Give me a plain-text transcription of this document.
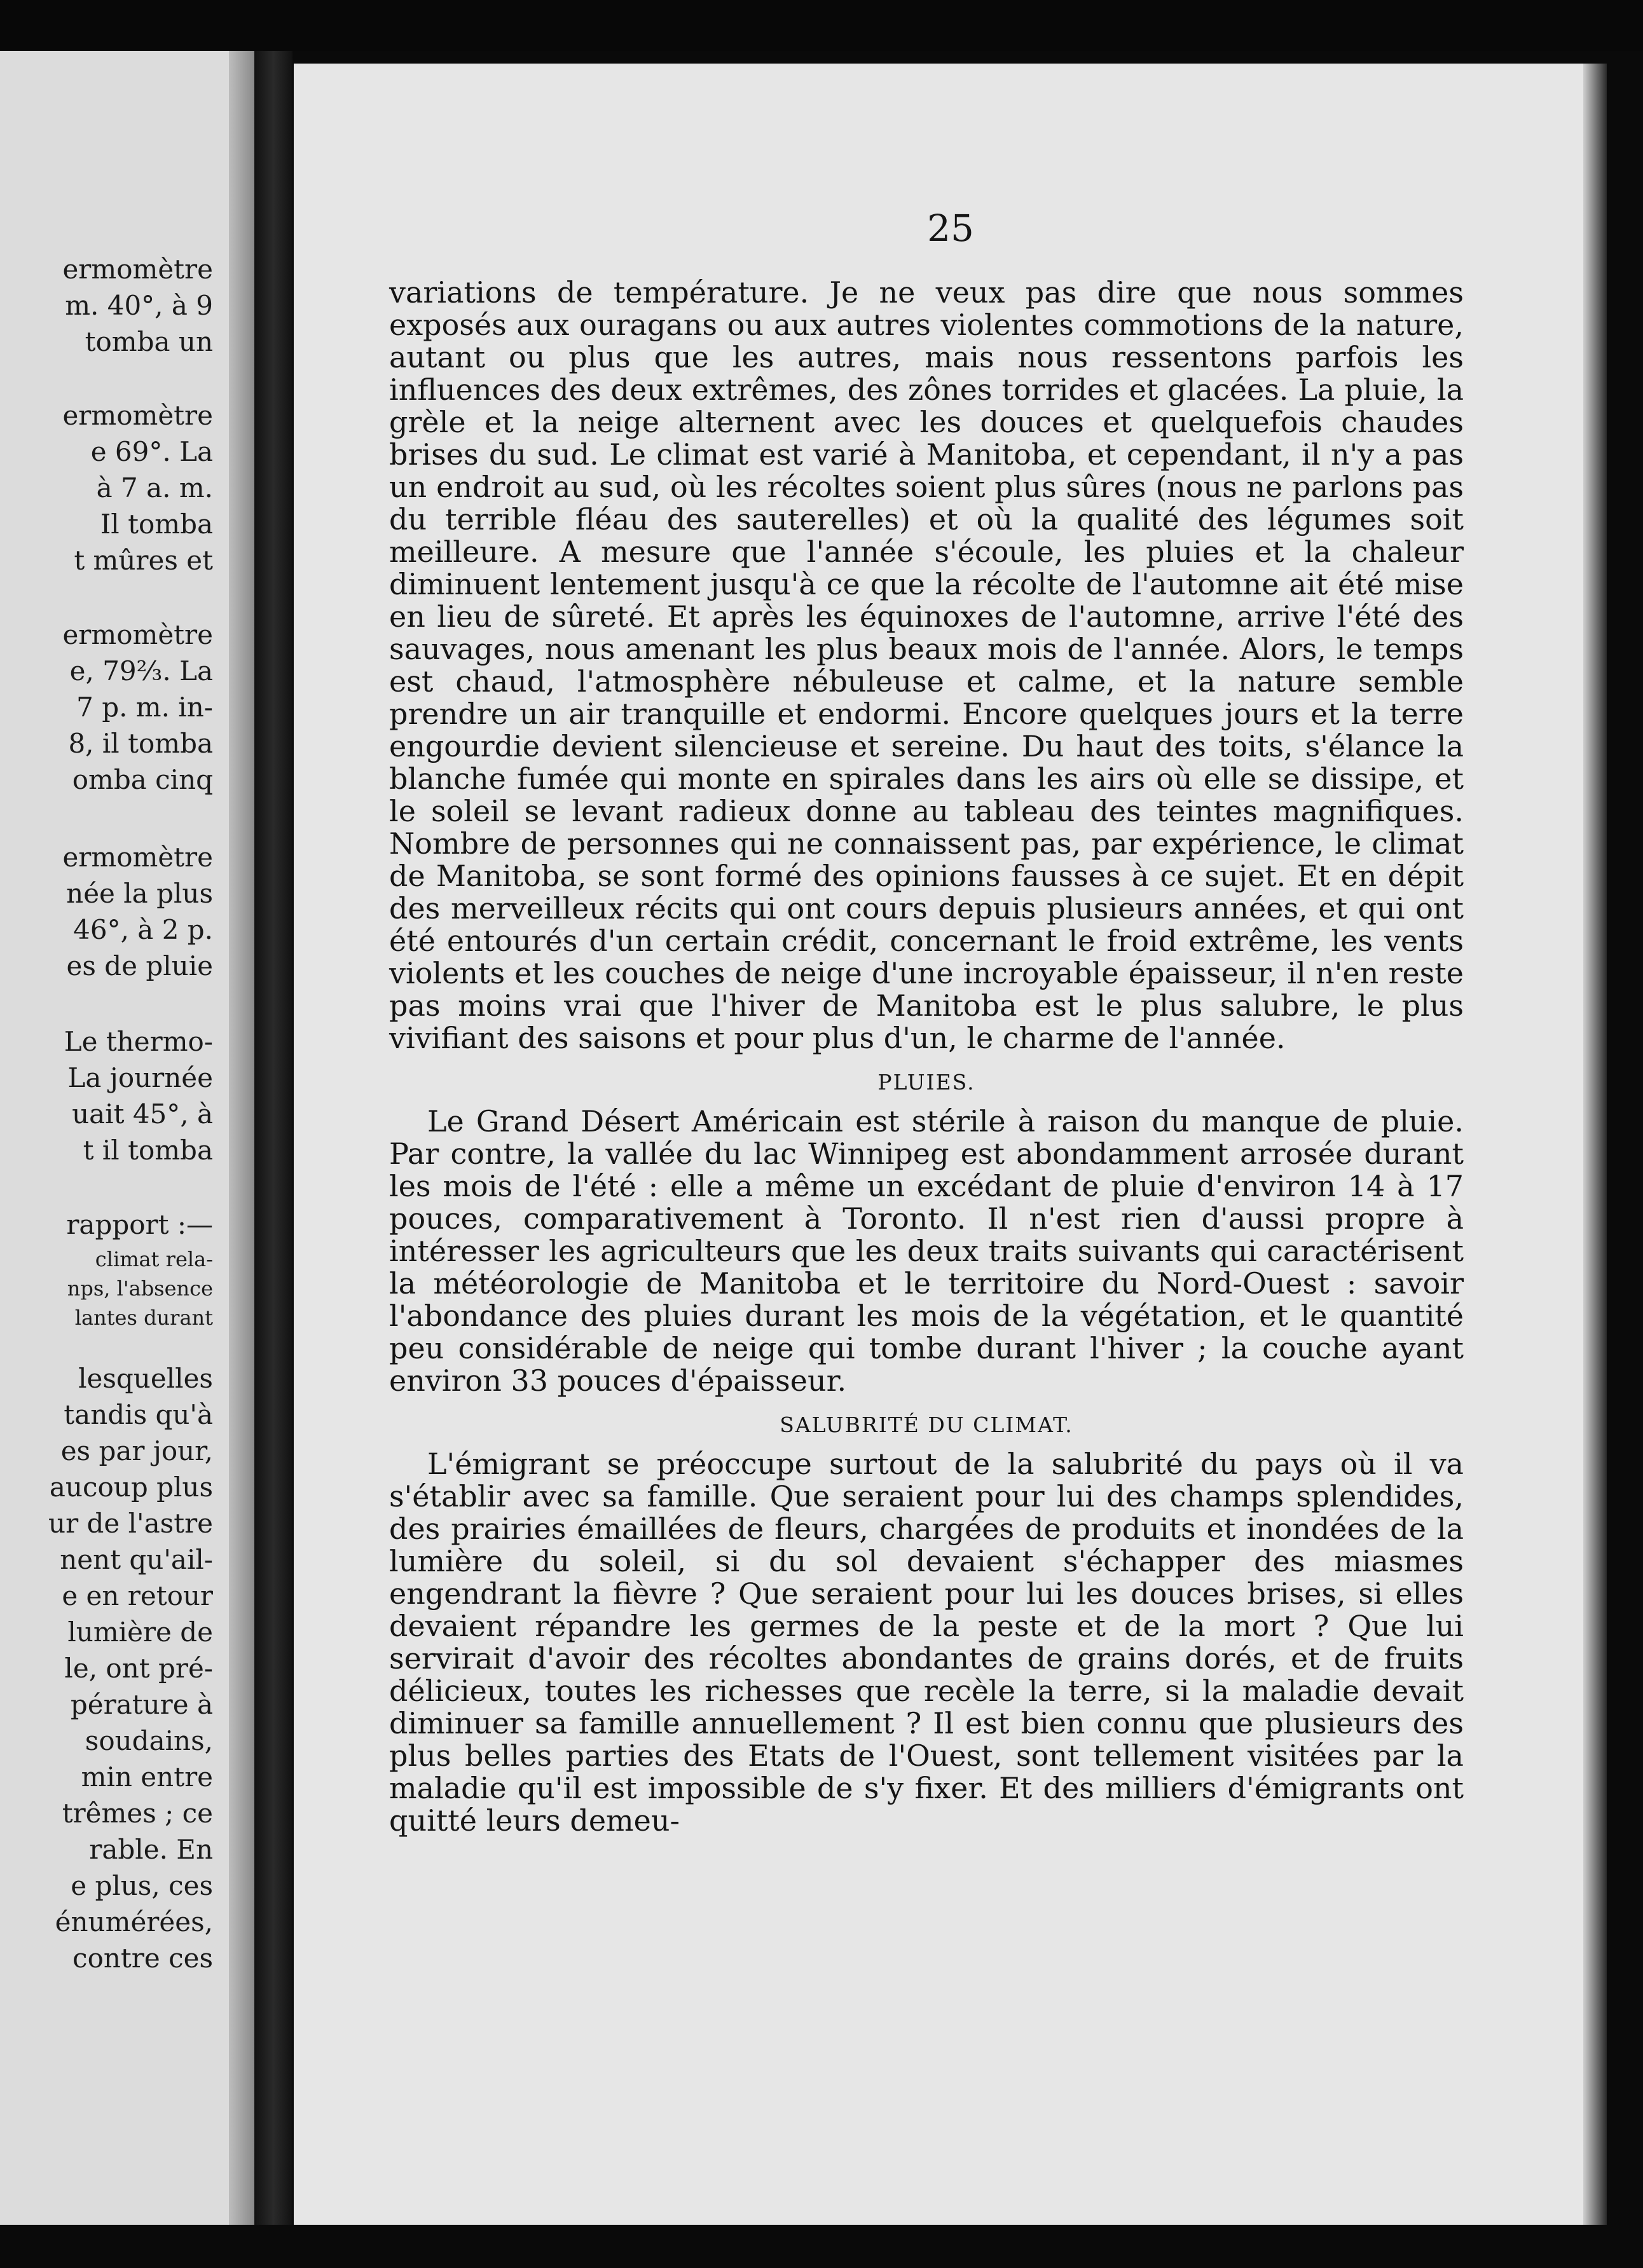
ermomètre

m. 40°, à 9

tomba un

ermomètre

e 69°. La

à 7 a. m.

Il tomba

t mûres et

ermomètre

e, 79⅔. La

7 p. m. in-

8, il tomba

omba cinq

ermomètre

née la plus

46°, à 2 p.

es de pluie

Le thermo-

La journée

uait 45°, à

t il tomba

rapport :—

climat rela-

nps, l'absence

lantes durant

lesquelles

tandis qu'à

es par jour,

aucoup plus

ur de l'astre

nent qu'ail-

e en retour

lumière de

le, ont pré-

pérature à

soudains,

min entre

trêmes ; ce

rable. En

e plus, ces

énumérées,

contre ces

25

variations de température. Je ne veux pas dire que nous sommes exposés aux ouragans ou aux autres violentes commotions de la nature, autant ou plus que les autres, mais nous ressentons parfois les influences des deux extrêmes, des zônes torrides et glacées. La pluie, la grèle et la neige alternent avec les douces et quelquefois chaudes brises du sud. Le climat est varié à Manitoba, et cependant, il n'y a pas un endroit au sud, où les récoltes soient plus sûres (nous ne parlons pas du terrible fléau des sauterelles) et où la qualité des légumes soit meilleure. A mesure que l'année s'écoule, les pluies et la chaleur diminuent lentement jusqu'à ce que la récolte de l'automne ait été mise en lieu de sûreté. Et après les équinoxes de l'automne, arrive l'été des sauvages, nous amenant les plus beaux mois de l'année. Alors, le temps est chaud, l'atmosphère nébuleuse et calme, et la nature semble prendre un air tranquille et endormi. Encore quelques jours et la terre engourdie devient silencieuse et sereine. Du haut des toits, s'élance la blanche fumée qui monte en spirales dans les airs où elle se dissipe, et le soleil se levant radieux donne au tableau des teintes magnifiques. Nombre de personnes qui ne connaissent pas, par expérience, le climat de Manitoba, se sont formé des opinions fausses à ce sujet. Et en dépit des merveilleux récits qui ont cours depuis plusieurs années, et qui ont été entourés d'un certain crédit, concernant le froid extrême, les vents violents et les couches de neige d'une incroyable épaisseur, il n'en reste pas moins vrai que l'hiver de Manitoba est le plus salubre, le plus vivifiant des saisons et pour plus d'un, le charme de l'année.

PLUIES.

Le Grand Désert Américain est stérile à raison du manque de pluie. Par contre, la vallée du lac Winnipeg est abondamment arrosée durant les mois de l'été : elle a même un excédant de pluie d'environ 14 à 17 pouces, comparativement à Toronto. Il n'est rien d'aussi propre à intéresser les agriculteurs que les deux traits suivants qui caractérisent la météorologie de Manitoba et le territoire du Nord-Ouest : savoir l'abondance des pluies durant les mois de la végétation, et le quantité peu considérable de neige qui tombe durant l'hiver ; la couche ayant environ 33 pouces d'épaisseur.

SALUBRITÉ DU CLIMAT.

L'émigrant se préoccupe surtout de la salubrité du pays où il va s'établir avec sa famille. Que seraient pour lui des champs splendides, des prairies émaillées de fleurs, chargées de produits et inondées de la lumière du soleil, si du sol devaient s'échapper des miasmes engendrant la fièvre ? Que seraient pour lui les douces brises, si elles devaient répandre les germes de la peste et de la mort ? Que lui servirait d'avoir des récoltes abondantes de grains dorés, et de fruits délicieux, toutes les richesses que recèle la terre, si la maladie devait diminuer sa famille annuellement ? Il est bien connu que plusieurs des plus belles parties des Etats de l'Ouest, sont tellement visitées par la maladie qu'il est impossible de s'y fixer. Et des milliers d'émigrants ont quitté leurs demeu-
